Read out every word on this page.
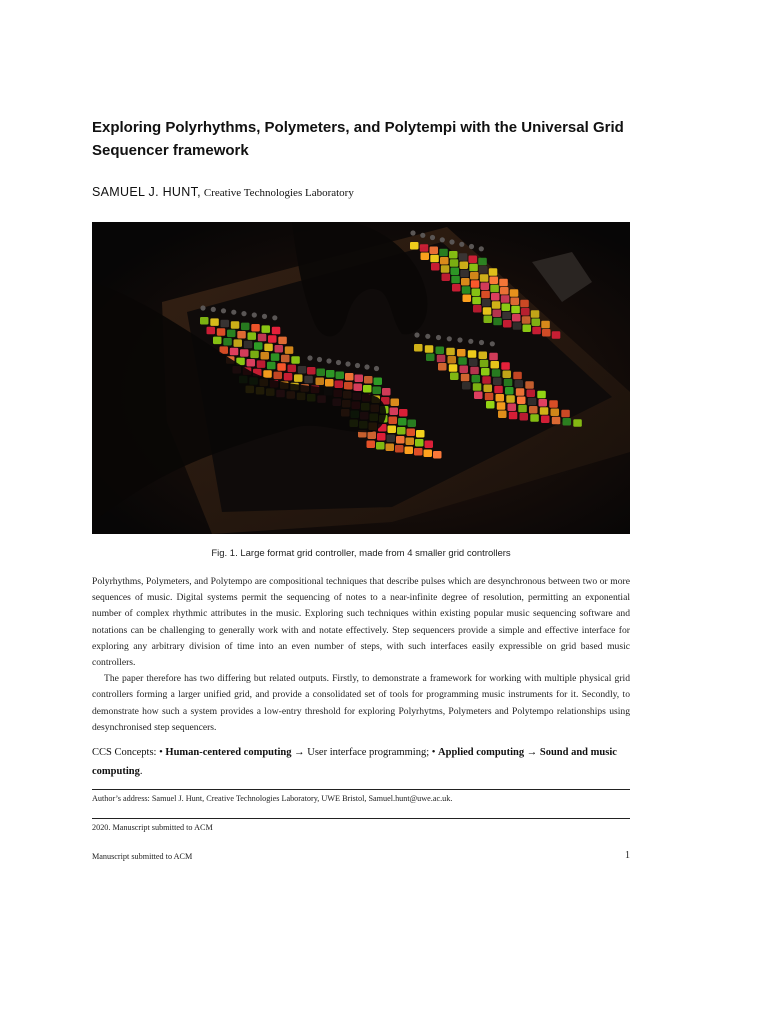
Exploring Polyrhythms, Polymeters, and Polytempi with the Universal Grid
Sequencer framework
SAMUEL J. HUNT, Creative Technologies Laboratory
Fig. 1. Large format grid controller, made from 4 smaller grid controllers

Polyrhythms, Polymeters, and Polytempo are compositional techniques that describe pulses which are desynchronous between two or more sequences of music. Digital systems permit the sequencing of notes to a near-infinite degree of resolution, permitting an exponential number of complex rhythmic attributes in the music. Exploring such techniques within existing popular music sequencing software and notations can be challenging to generally work with and notate effectively. Step sequencers provide a simple and effective interface for exploring any arbitrary division of time into an even number of steps, with such interfaces easily expressible on grid based music controllers.

The paper therefore has two differing but related outputs. Firstly, to demonstrate a framework for working with multiple physical grid controllers forming a larger unified grid, and provide a consolidated set of tools for programming music instruments for it. Secondly, to demonstrate how such a system provides a low-entry threshold for exploring Polyrhytms, Polymeters and Polytempo relationships using desynchronised step sequencers.

CCS Concepts: • Human-centered computing → User interface programming; • Applied computing → Sound and music computing.
Author’s address: Samuel J. Hunt, Creative Technologies Laboratory, UWE Bristol, Samuel.hunt@uwe.ac.uk.
2020. Manuscript submitted to ACM
Manuscript submitted to ACM	1
